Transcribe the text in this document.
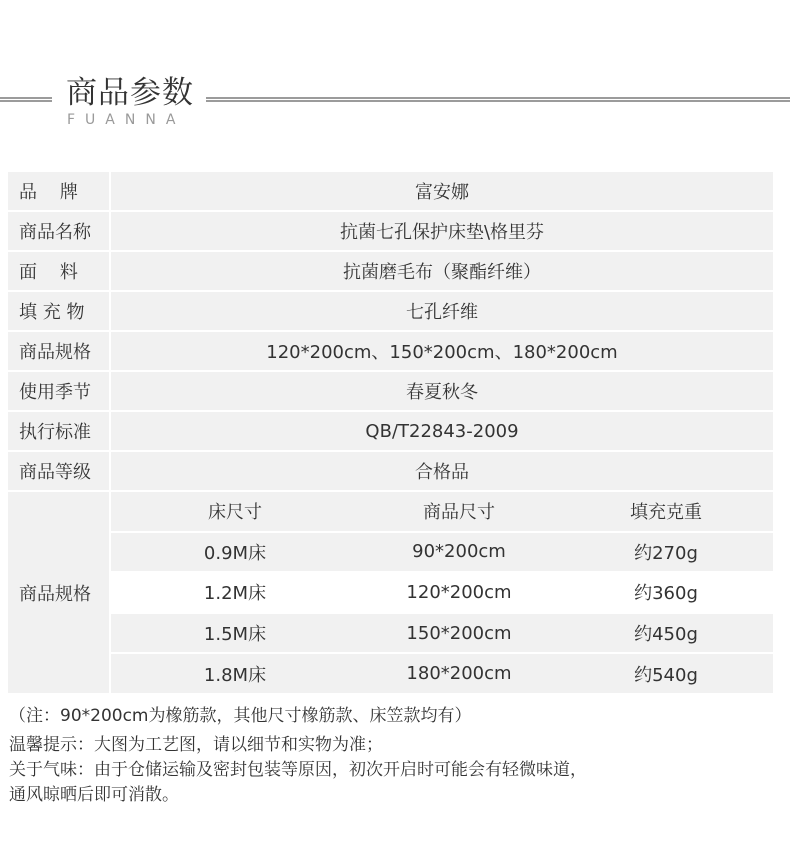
商品参数
FUANNA
品    牌	富安娜
商品名称	抗菌七孔保护床垫\格里芬
面    料	抗菌磨毛布（聚酯纤维）
填 充 物	七孔纤维
商品规格	120*200cm、150*200cm、180*200cm
使用季节	春夏秋冬
执行标准	QB/T22843-2009
商品等级	合格品
商品规格
床尺寸	商品尺寸	填充克重
0.9M床	90*200cm	约270g
1.2M床	120*200cm	约360g
1.5M床	150*200cm	约450g
1.8M床	180*200cm	约540g

（注：90*200cm为橡筋款，其他尺寸橡筋款、床笠款均有）

温馨提示：大图为工艺图，请以细节和实物为准；

关于气味：由于仓储运输及密封包装等原因，初次开启时可能会有轻微味道，

通风晾晒后即可消散。
